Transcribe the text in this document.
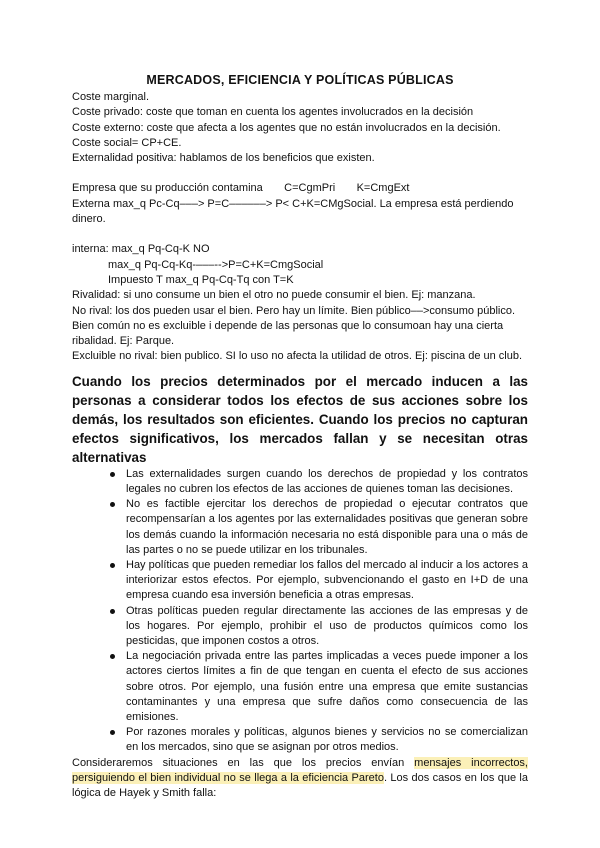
MERCADOS, EFICIENCIA Y POLÍTICAS PÚBLICAS
Coste marginal.
Coste privado: coste que toman en cuenta los agentes involucrados en la decisión
Coste externo: coste que afecta a los agentes que no están involucrados en la decisión.
Coste social= CP+CE.
Externalidad positiva: hablamos de los beneficios que existen.
Empresa que su producción contamina       C=CgmPri       K=CmgExt
Externa max_q Pc-Cq–––> P=C––––––> P< C+K=CMgSocial. La empresa está perdiendo dinero.
interna: max_q Pq-Cq-K NO
max_q Pq-Cq-Kq-–––-->P=C+K=CmgSocial
Impuesto T max_q Pq-Cq-Tq con T=K
Rivalidad: si uno consume un bien el otro no puede consumir el bien. Ej: manzana.
No rival: los dos pueden usar el bien. Pero hay un límite. Bien público––>consumo público.
Bien común no es excluible i depende de las personas que lo consumoan hay una cierta ribalidad. Ej: Parque.
Excluible no rival: bien publico. SI lo uso no afecta la utilidad de otros. Ej: piscina de un club.
Cuando los precios determinados por el mercado inducen a las personas a considerar todos los efectos de sus acciones sobre los demás, los resultados son eficientes. Cuando los precios no capturan efectos significativos, los mercados fallan y se necesitan otras alternativas
Las externalidades surgen cuando los derechos de propiedad y los contratos legales no cubren los efectos de las acciones de quienes toman las decisiones.
No es factible ejercitar los derechos de propiedad o ejecutar contratos que recompensarían a los agentes por las externalidades positivas que generan sobre los demás cuando la información necesaria no está disponible para una o más de las partes o no se puede utilizar en los tribunales.
Hay políticas que pueden remediar los fallos del mercado al inducir a los actores a interiorizar estos efectos. Por ejemplo, subvencionando el gasto en I+D de una empresa cuando esa inversión beneficia a otras empresas.
Otras políticas pueden regular directamente las acciones de las empresas y de los hogares. Por ejemplo, prohibir el uso de productos químicos como los pesticidas, que imponen costos a otros.
La negociación privada entre las partes implicadas a veces puede imponer a los actores ciertos límites a fin de que tengan en cuenta el efecto de sus acciones sobre otros. Por ejemplo, una fusión entre una empresa que emite sustancias contaminantes y una empresa que sufre daños como consecuencia de las emisiones.
Por razones morales y políticas, algunos bienes y servicios no se comercializan en los mercados, sino que se asignan por otros medios.
Consideraremos situaciones en las que los precios envían mensajes incorrectos, persiguiendo el bien individual no se llega a la eficiencia Pareto. Los dos casos en los que la lógica de Hayek y Smith falla:
